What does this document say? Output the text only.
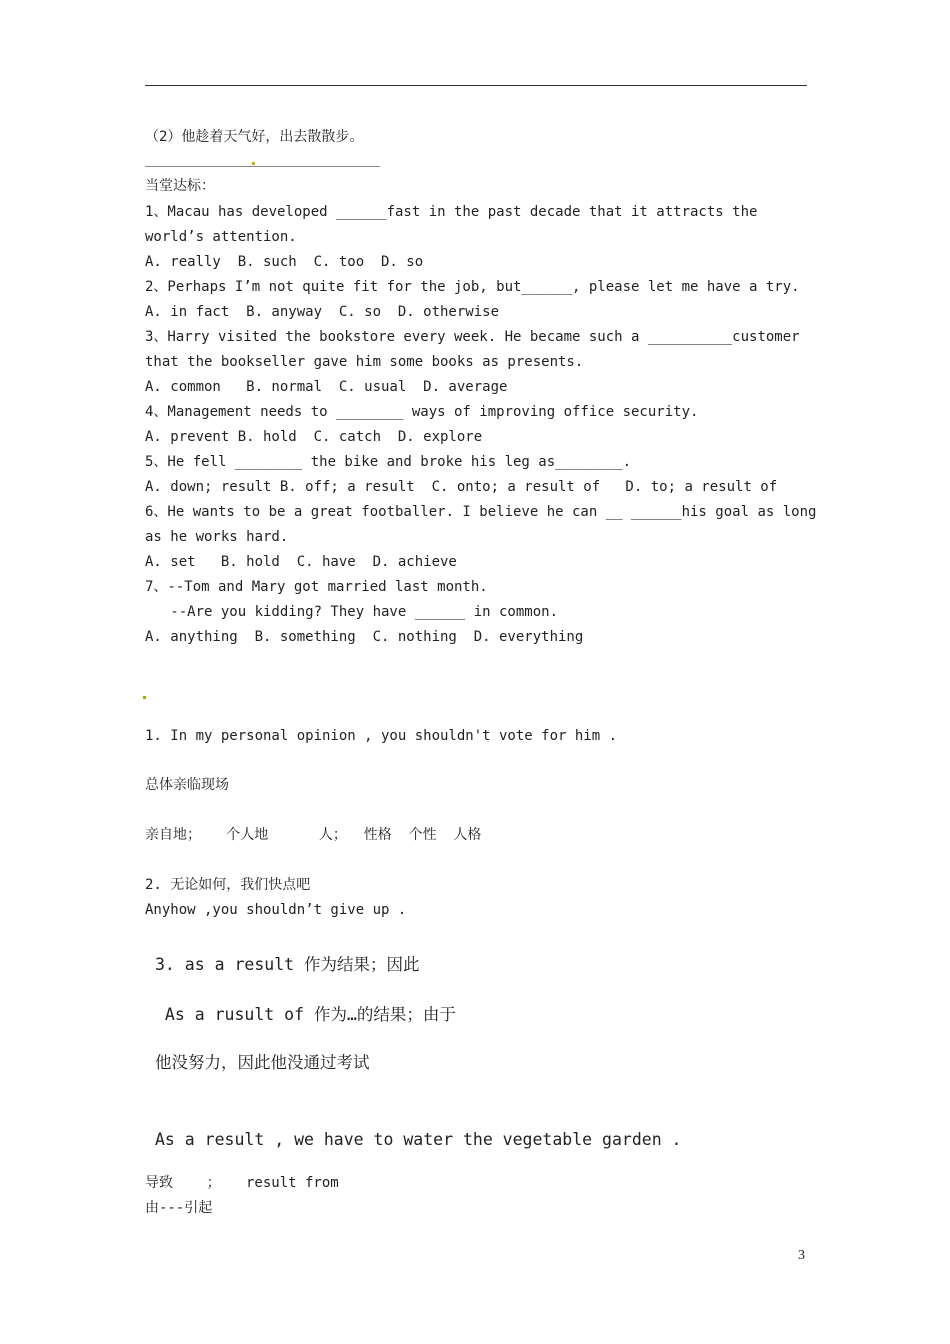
（2）他趁着天气好，出去散散步。
当堂达标：
1、Macau has developed ______fast in the past decade that it attracts the
world’s attention.
A. really  B. such  C. too  D. so
2、Perhaps I’m not quite fit for the job, but______, please let me have a try.
A. in fact  B. anyway  C. so  D. otherwise
3、Harry visited the bookstore every week. He became such a __________customer
that the bookseller gave him some books as presents.
A. common   B. normal  C. usual  D. average
4、Management needs to ________ ways of improving office security.
A. prevent B. hold  C. catch  D. explore
5、He fell ________ the bike and broke his leg as________.
A. down; result B. off; a result  C. onto; a result of   D. to; a result of
6、He wants to be a great footballer. I believe he can __ ______his goal as long
as he works hard.
A. set   B. hold  C. have  D. achieve
7、--Tom and Mary got married last month.
--Are you kidding? They have ______ in common.
A. anything  B. something  C. nothing  D. everything
1. In my personal opinion , you shouldn't vote for him .
总体亲临现场
亲自地；   个人地      人；  性格  个性  人格
2. 无论如何，我们快点吧
Anyhow ,you shouldn’t give up .
3. as a result 作为结果；因此
As a rusult of 作为…的结果；由于
他没努力，因此他没通过考试
As a result , we have to water the vegetable garden .
导致    ；   result from
由---引起
3
